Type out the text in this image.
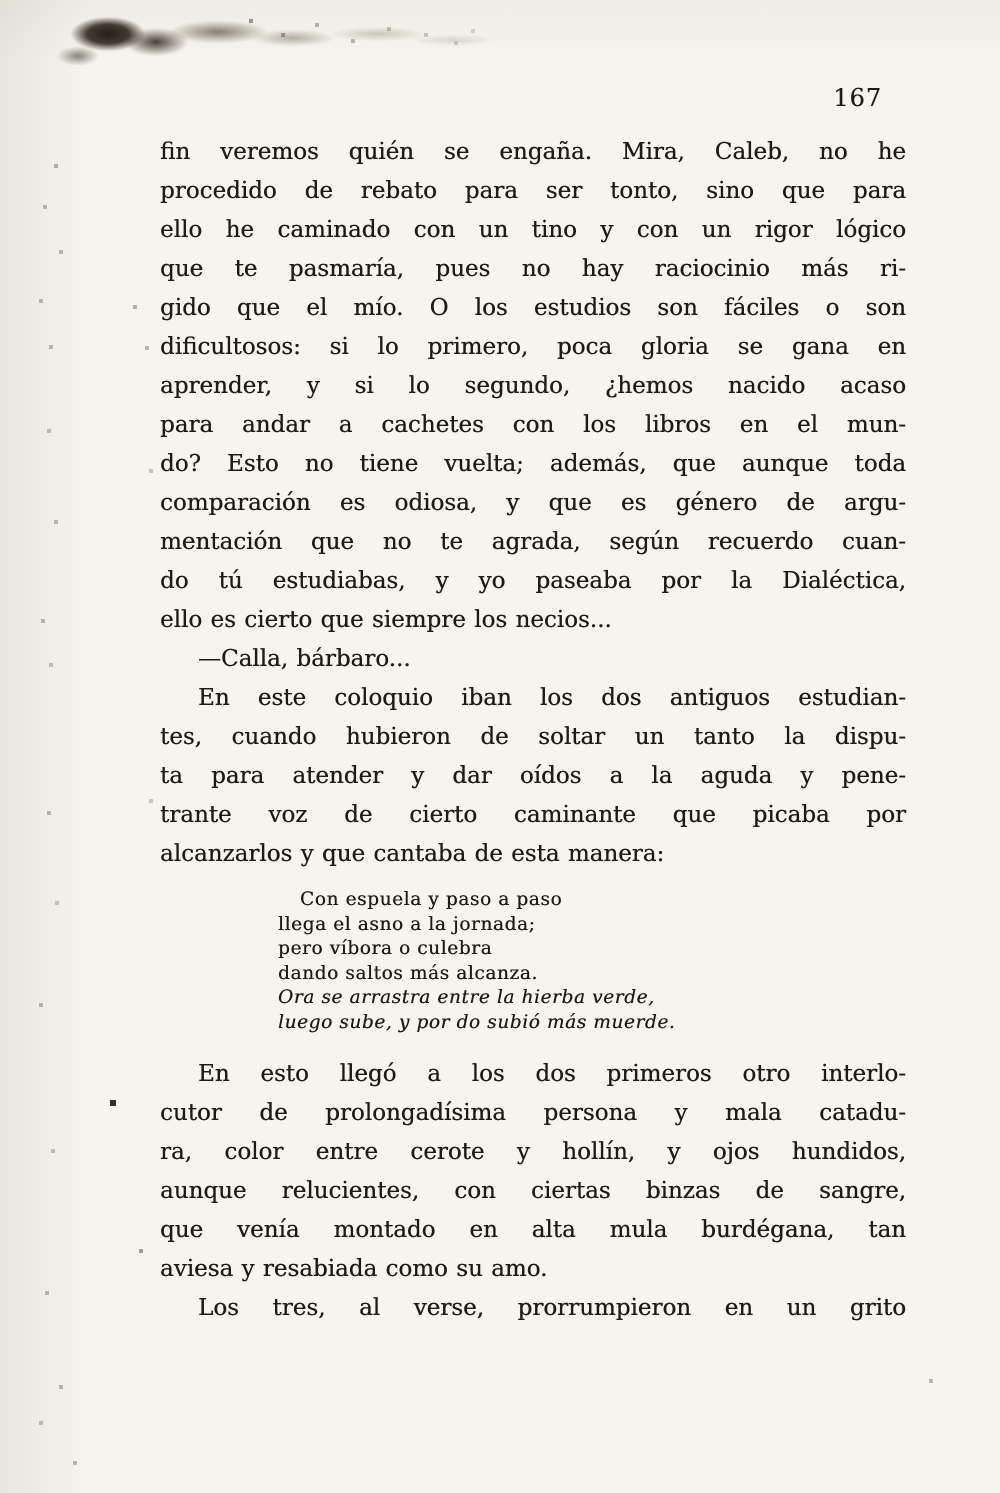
167
fin veremos quién se engaña. Mira, Caleb, no he
procedido de rebato para ser tonto, sino que para
ello he caminado con un tino y con un rigor lógico
que te pasmaría, pues no hay raciocinio más ri-
gido que el mío. O los estudios son fáciles o son
dificultosos: si lo primero, poca gloria se gana en
aprender, y si lo segundo, ¿hemos nacido acaso
para andar a cachetes con los libros en el mun-
do? Esto no tiene vuelta; además, que aunque toda
comparación es odiosa, y que es género de argu-
mentación que no te agrada, según recuerdo cuan-
do tú estudiabas, y yo paseaba por la Dialéctica,
ello es cierto que siempre los necios...
—Calla, bárbaro...
En este coloquio iban los dos antiguos estudian-
tes, cuando hubieron de soltar un tanto la dispu-
ta para atender y dar oídos a la aguda y pene-
trante voz de cierto caminante que picaba por
alcanzarlos y que cantaba de esta manera:
Con espuela y paso a paso
llega el asno a la jornada;
pero víbora o culebra
dando saltos más alcanza.
Ora se arrastra entre la hierba verde,
luego sube, y por do subió más muerde.
En esto llegó a los dos primeros otro interlo-
cutor de prolongadísima persona y mala catadu-
ra, color entre cerote y hollín, y ojos hundidos,
aunque relucientes, con ciertas binzas de sangre,
que venía montado en alta mula burdégana, tan
aviesa y resabiada como su amo.
Los tres, al verse, prorrumpieron en un grito
